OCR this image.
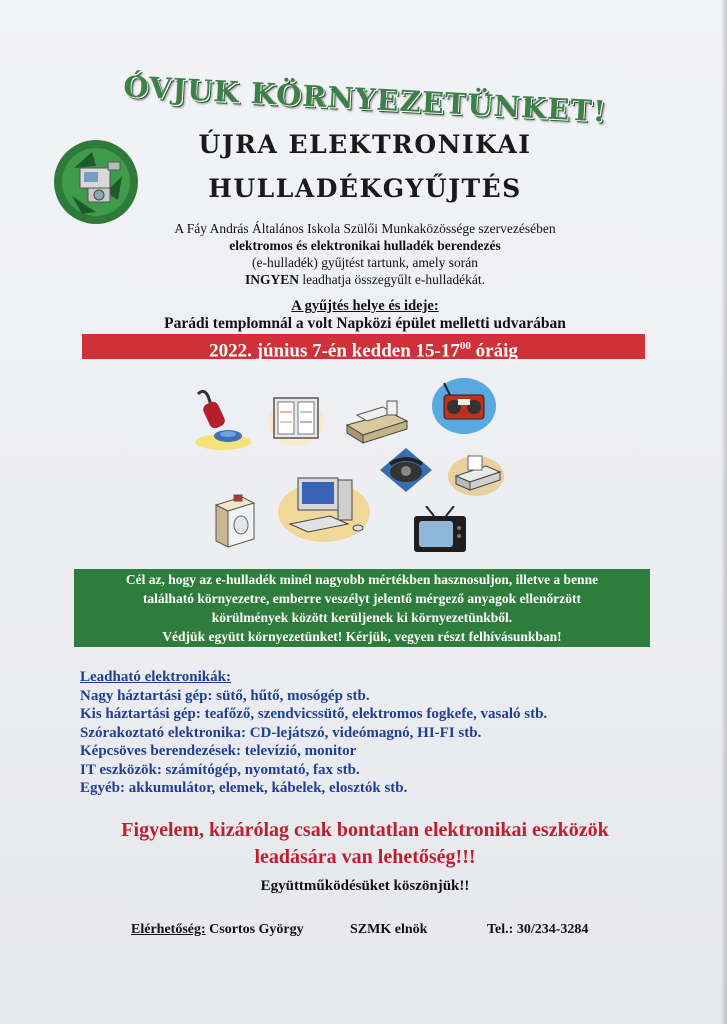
ÓVJUK KÖRNYEZETÜNKET!
ÚJRA ELEKTRONIKAI
HULLADÉKGYŰJTÉS
A Fáy András Általános Iskola Szülői Munkaközössége szervezésében
elektromos és elektronikai hulladék berendezés
(e-hulladék) gyűjtést tartunk, amely során
INGYEN leadhatja összegyűlt e-hulladékát.
A gyűjtés helye és ideje:
Parádi templomnál a volt Napközi épület melletti udvarában
2022. június 7-én kedden $15-17^{00}$ óráig
Cél az, hogy az e-hulladék minél nagyobb mértékben hasznosuljon, illetve a benne
található környezetre, emberre veszélyt jelentő mérgező anyagok ellenőrzött
körülmények között kerüljenek ki környezetünkből.
Védjük együtt környezetünket! Kérjük, vegyen részt felhívásunkban!
Leadható elektronikák:
Nagy háztartási gép: sütő, hűtő, mosógép stb.
Kis háztartási gép: teafőző, szendvicssütő, elektromos fogkefe, vasaló stb.
Szórakoztató elektronika: CD-lejátszó, videómagnó, HI-FI stb.
Képcsöves berendezések: televízió, monitor
IT eszközök: számítógép, nyomtató, fax stb.
Egyéb: akkumulátor, elemek, kábelek, elosztók stb.
Figyelem, kizárólag csak bontatlan elektronikai eszközök
leadására van lehetőség!!!
Együttműködésüket köszönjük!!
Elérhetőség: Csortos György	SZMK elnök	Tel.: 30/234-3284
